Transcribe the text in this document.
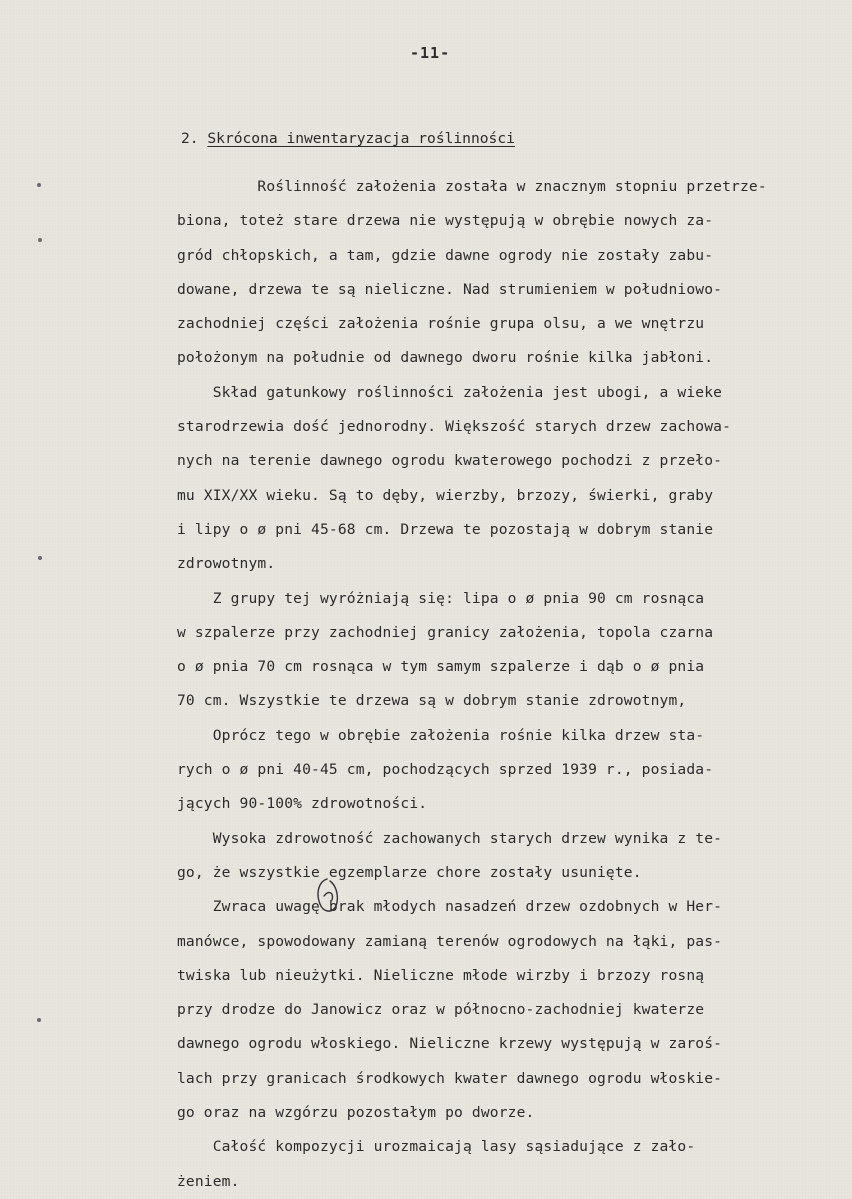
-11-
2. Skrócona inwentaryzacja roślinności
Roślinność założenia została w znacznym stopniu przetrze-
bionа, toteż stare drzewa nie występują w obrębie nowych za-
gród chłopskich, a tam, gdzie dawne ogrody nie zostały zabu-
dowane, drzewa te są nieliczne. Nad strumieniem w południowo-
zachodniej części założenia rośnie grupa olsu, a we wnętrzu
położonym na południe od dawnego dworu rośnie kilka jabłoni.
Skład gatunkowy roślinności założenia jest ubogi, a wieke
starodrzewia dość jednorodny. Większość starych drzew zachowa-
nych na terenie dawnego ogrodu kwaterowego pochodzi z przeło-
mu XIX/XX wieku. Są to dęby, wierzby, brzozy, świerki, graby
i lipy o ø pni 45-68 cm. Drzewa te pozostają w dobrym stanie
zdrowotnym.
Z grupy tej wyróżniają się: lipa o ø pnia 90 cm rosnąca
w szpalerze przy zachodniej granicy założenia, topola czarna
o ø pnia 70 cm rosnąca w tym samym szpalerze i dąb o ø pnia
70 cm. Wszystkie te drzewa są w dobrym stanie zdrowotnym,
Oprócz tego w obrębie założenia rośnie kilka drzew sta-
rych o ø pni 40-45 cm, pochodzących sprzed 1939 r., posiada-
jących 90-100% zdrowotności.
Wysoka zdrowotność zachowanych starych drzew wynika z te-
go, że wszystkie egzemplarze chore zostały usunięte.
Zwraca uwagę brak młodych nasadzeń drzew ozdobnych w Her-
manówce, spowodowany zamianą terenów ogrodowych na łąki, pas-
twiska lub nieużytki. Nieliczne młode wirzby i brzozy rosną
przy drodze do Janowicz oraz w północno-zachodniej kwaterze
dawnego ogrodu włoskiego. Nieliczne krzewy występują w zaroś-
lach przy granicach środkowych kwater dawnego ogrodu włoskie-
go oraz na wzgórzu pozostałym po dworze.
Całość kompozycji urozmaicają lasy sąsiadujące z zało-
żeniem.
